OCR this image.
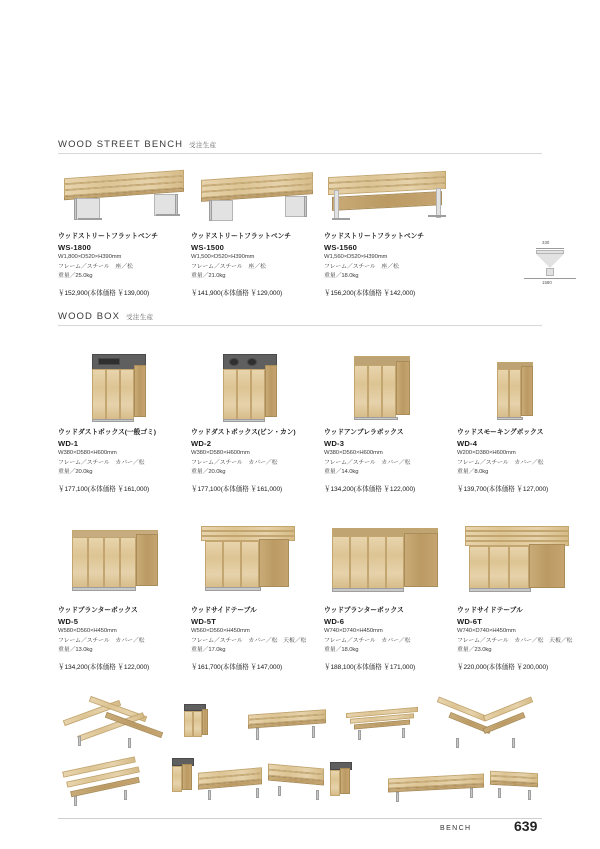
WOOD STREET BENCH 受注生産
ウッドストリートフラットベンチ
WS-1800
W1,800×D520×H390mm
フレーム／スチール　座／松
重量／25.0kg
￥152,900(本体価格 ￥139,000)
ウッドストリートフラットベンチ
WS-1500
W1,500×D520×H390mm
フレーム／スチール　座／松
重量／21.0kg
￥141,900(本体価格 ￥129,000)
ウッドストリートフラットベンチ
WS-1560
W1,560×D520×H390mm
フレーム／スチール　座／松
重量／18.0kg
￥156,200(本体価格 ￥142,000)
330
1580
WOOD BOX 受注生産
ウッドダストボックス(一般ゴミ)
WD-1
W380×D580×H600mm
フレーム／スチール　カバー／松
重量／20.0kg
￥177,100(本体価格 ￥161,000)
ウッドダストボックス(ビン・カン)
WD-2
W380×D580×H600mm
フレーム／スチール　カバー／松
重量／20.0kg
￥177,100(本体価格 ￥161,000)
ウッドアンブレラボックス
WD-3
W380×D560×H600mm
フレーム／スチール　カバー／松
重量／14.0kg
￥134,200(本体価格 ￥122,000)
ウッドスモーキングボックス
WD-4
W200×D380×H600mm
フレーム／スチール　カバー／松
重量／8.0kg
￥139,700(本体価格 ￥127,000)
ウッドプランターボックス
WD-5
W580×D560×H450mm
フレーム／スチール　カバー／松
重量／13.0kg
￥134,200(本体価格 ￥122,000)
ウッドサイドテーブル
WD-5T
W560×D560×H450mm
フレーム／スチール　カバー／松　天板／松
重量／17.0kg
￥161,700(本体価格 ￥147,000)
ウッドプランターボックス
WD-6
W740×D740×H450mm
フレーム／スチール　カバー／松
重量／18.0kg
￥188,100(本体価格 ￥171,000)
ウッドサイドテーブル
WD-6T
W740×D740×H450mm
フレーム／スチール　カバー／松　天板／松
重量／23.0kg
￥220,000(本体価格 ￥200,000)
BENCH	639
